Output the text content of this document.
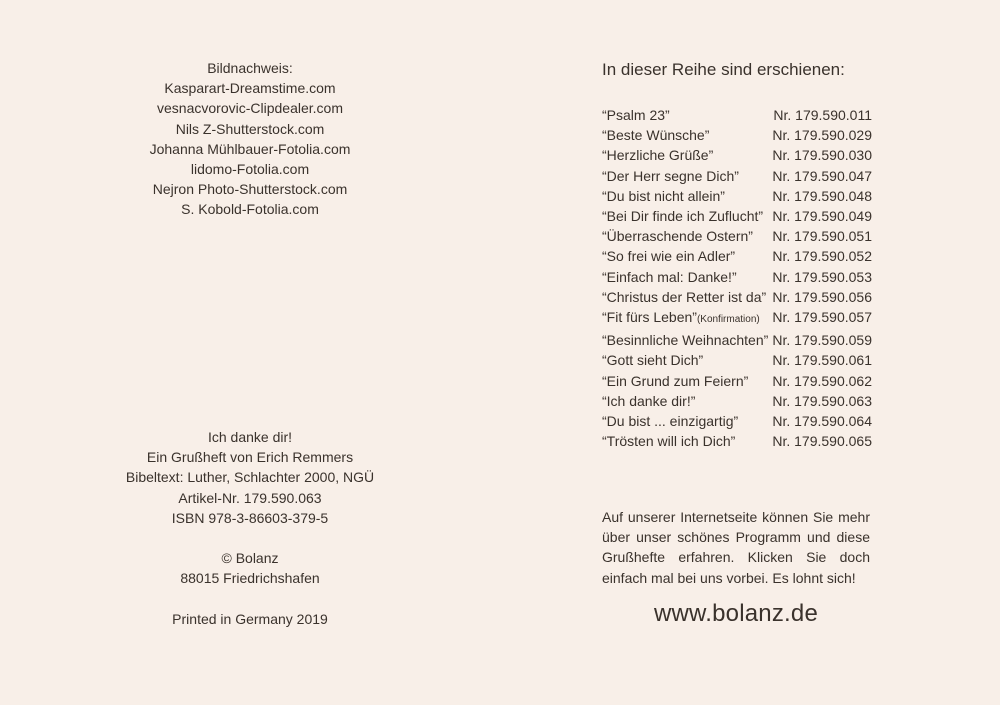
Bildnachweis:
Kasparart-Dreamstime.com
vesnacvorovic-Clipdealer.com
Nils Z-Shutterstock.com
Johanna Mühlbauer-Fotolia.com
lidomo-Fotolia.com
Nejron Photo-Shutterstock.com
S. Kobold-Fotolia.com
Ich danke dir!
Ein Grußheft von Erich Remmers
Bibeltext: Luther, Schlachter 2000, NGÜ
Artikel-Nr. 179.590.063
ISBN 978-3-86603-379-5
© Bolanz
88015 Friedrichshafen
Printed in Germany 2019
In dieser Reihe sind erschienen:
“Psalm 23”	Nr. 179.590.011
“Beste Wünsche”	Nr. 179.590.029
“Herzliche Grüße”	Nr. 179.590.030
“Der Herr segne Dich” Nr. 179.590.047
“Du bist nicht allein”	Nr. 179.590.048
“Bei Dir finde ich Zuflucht” Nr. 179.590.049
“Überraschende Ostern” Nr. 179.590.051
“So frei wie ein Adler”	Nr. 179.590.052
“Einfach mal: Danke!”	Nr. 179.590.053
“Christus der Retter ist da” Nr. 179.590.056
“Fit fürs Leben”(Konfirmation) Nr. 179.590.057
“Besinnliche Weihnachten” Nr. 179.590.059
“Gott sieht Dich”	Nr. 179.590.061
“Ein Grund zum Feiern” Nr. 179.590.062
“Ich danke dir!”	Nr. 179.590.063
“Du bist ... einzigartig” Nr. 179.590.064
“Trösten will ich Dich”	Nr. 179.590.065
Auf unserer Internetseite können Sie mehr über unser schönes Programm und diese Grußhefte erfahren. Klicken Sie doch einfach mal bei uns vorbei. Es lohnt sich!
www.bolanz.de
